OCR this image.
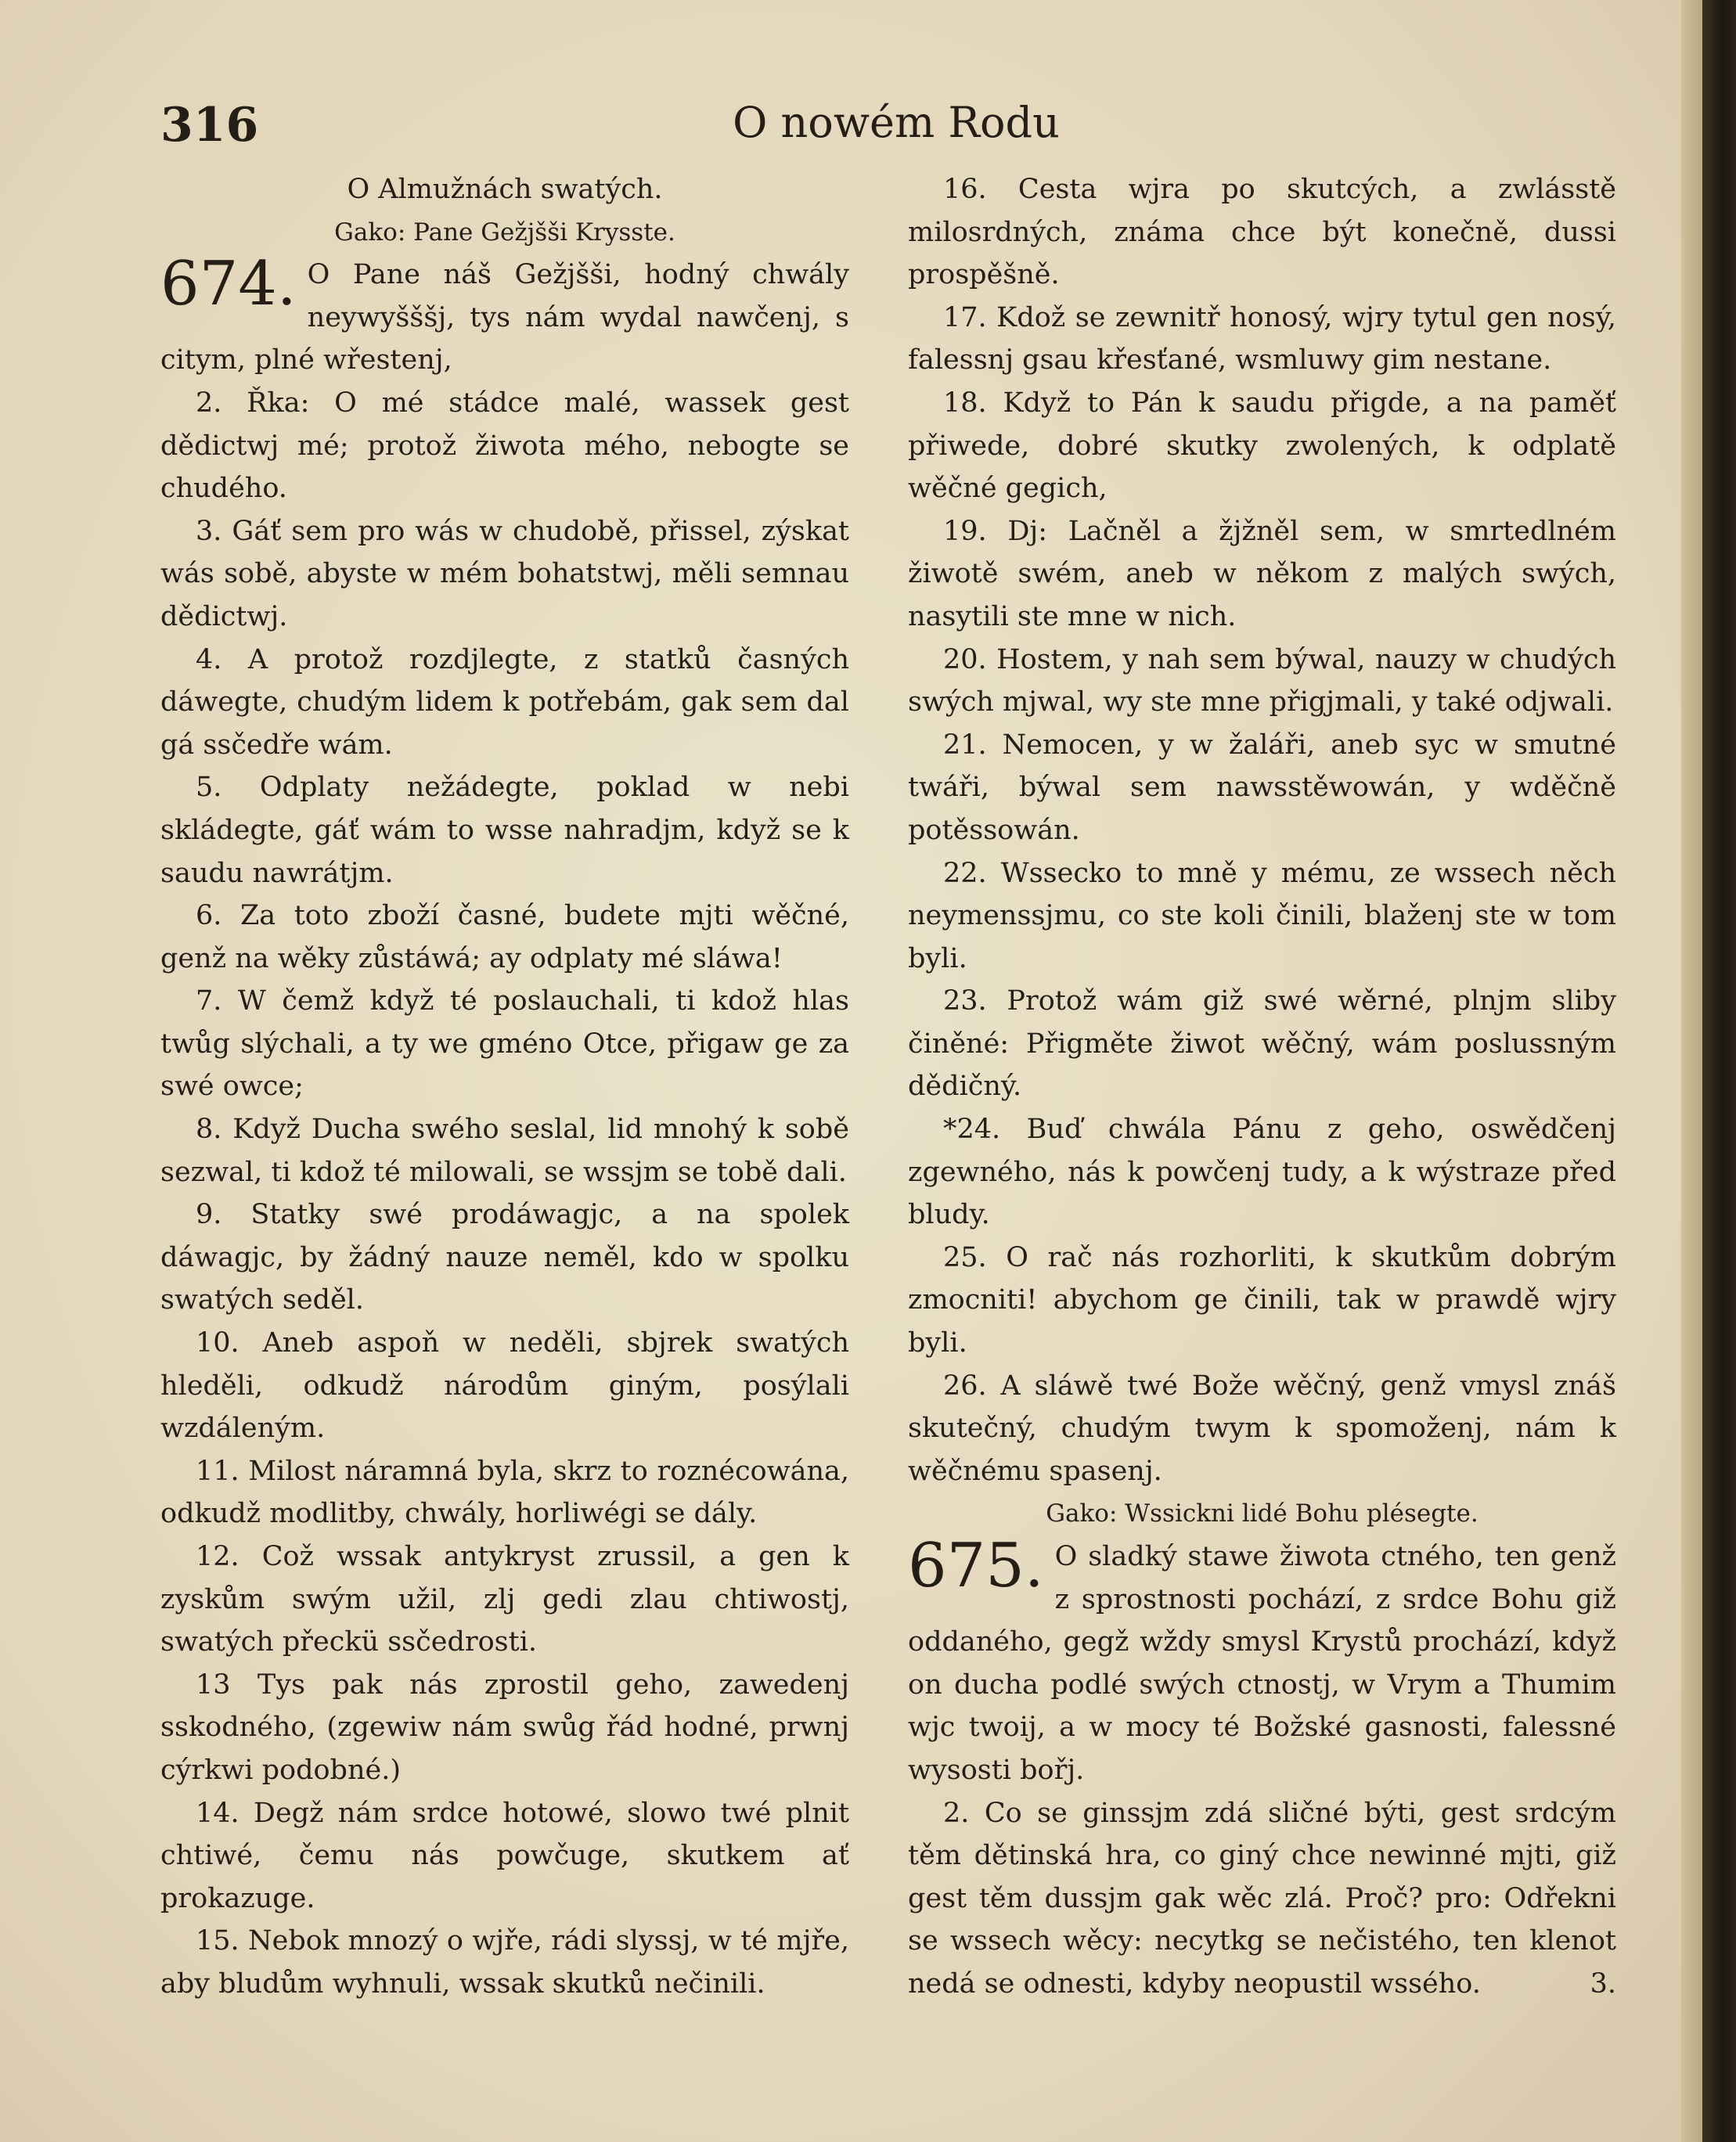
316	O nowém Rodu

O Almužnách swatých.

Gako: Pane Gežjšši Krysste.

674. O Pane náš Gežjšši, hodný chwály neywyšššj, tys nám wydal nawčenj, s citym, plné wřestenj,

2. Řka: O mé stádce malé, wassek gest dědictwj mé; protož žiwota mého, nebogte se chudého.

3. Gáť sem pro wás w chudobě, přissel, zýskat wás sobě, abyste w mém bohatstwj, měli semnau dědictwj.

4. A protož rozdjlegte, z statků časných dáwegte, chudým lidem k potřebám, gak sem dal gá ssčedře wám.

5. Odplaty nežádegte, poklad w nebi skládegte, gáť wám to wsse nahradjm, když se k saudu nawrátjm.

6. Za toto zboží časné, budete mjti wěčné, genž na wěky zůstáwá; ay odplaty mé sláwa!

7. W čemž když té poslauchali, ti kdož hlas twůg slýchali, a ty we gméno Otce, přigaw ge za swé owce;

8. Když Ducha swého seslal, lid mnohý k sobě sezwal, ti kdož té milowali, se wssjm se tobě dali.

9. Statky swé prodáwagjc, a na spolek dáwagjc, by žádný nauze neměl, kdo w spolku swatých seděl.

10. Aneb aspoň w neděli, sbjrek swatých hleděli, odkudž národům giným, posýlali wzdáleným.

11. Milost náramná byla, skrz to roznécowána, odkudž modlitby, chwály, horliwégi se dály.

12. Což wssak antykryst zrussil, a gen k zyskům swým užil, zlj gedi zlau chtiwostj, swatých přeckü ssčedrosti.

13 Tys pak nás zprostil geho, zawedenj sskodného, (zgewiw nám swůg řád hodné, prwnj cýrkwi podobné.)

14. Degž nám srdce hotowé, slowo twé plnit chtiwé, čemu nás powčuge, skutkem ať prokazuge.

15. Nebok mnozý o wjře, rádi slyssj, w té mjře, aby bludům wyhnuli, wssak skutků nečinili.

16. Cesta wjra po skutcých, a zwlásstě milosrdných, známa chce být konečně, dussi prospěšně.

17. Kdož se zewnitř honosý, wjry tytul gen nosý, falessnj gsau křesťané, wsmluwy gim nestane.

18. Když to Pán k saudu přigde, a na paměť přiwede, dobré skutky zwolených, k odplatě wěčné gegich,

19. Dj: Lačněl a žjžněl sem, w smrtedlném žiwotě swém, aneb w někom z malých swých, nasytili ste mne w nich.

20. Hostem, y nah sem býwal, nauzy w chudých swých mjwal, wy ste mne přigjmali, y také odjwali.

21. Nemocen, y w žaláři, aneb syc w smutné twáři, býwal sem nawsstěwowán, y wděčně potěssowán.

22. Wssecko to mně y mému, ze wssech něch neymenssjmu, co ste koli činili, blaženj ste w tom byli.

23. Protož wám giž swé wěrné, plnjm sliby činěné: Přigměte žiwot wěčný, wám poslussným dědičný.

*24. Buď chwála Pánu z geho, oswědčenj zgewného, nás k powčenj tudy, a k wýstraze před bludy.

25. O rač nás rozhorliti, k skutkům dobrým zmocniti! abychom ge činili, tak w prawdě wjry byli.

26. A sláwě twé Bože wěčný, genž vmysl znáš skutečný, chudým twym k spomoženj, nám k wěčnému spasenj.

Gako: Wssickni lidé Bohu plésegte.

675. O sladký stawe žiwota ctného, ten genž z sprostnosti pochází, z srdce Bohu giž oddaného, gegž wždy smysl Krystů prochází, když on ducha podlé swých ctnostj, w Vrym a Thumim wjc twoij, a w mocy té Božské gasnosti, falessné wysosti bořj.

2. Co se ginssjm zdá sličné býti, gest srdcým těm dětinská hra, co giný chce newinné mjti, giž gest těm dussjm gak wěc zlá. Proč? pro: Odřekni se wssech wěcy: necytkg se nečistého, ten klenot nedá se odnesti, kdyby neopustil wssého.	3.
